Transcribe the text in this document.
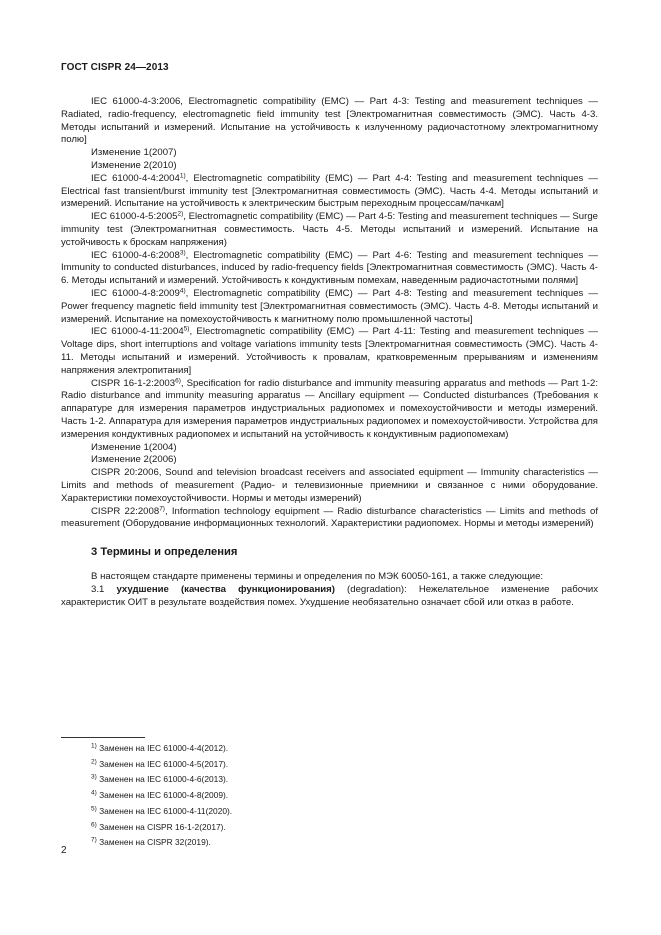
ГОСТ CISPR 24—2013

IEC 61000-4-3:2006, Electromagnetic compatibility (EMC) — Part 4-3: Testing and measurement techniques — Radiated, radio-frequency, electromagnetic field immunity test [Электромагнитная совместимость (ЭМС). Часть 4-3. Методы испытаний и измерений. Испытание на устойчивость к излученному радиочастотному электромагнитному полю]

Изменение 1(2007)

Изменение 2(2010)

IEC 61000-4-4:2004$^{1)}$, Electromagnetic compatibility (EMC) — Part 4-4: Testing and measurement techniques — Electrical fast transient/burst immunity test [Электромагнитная совместимость (ЭМС). Часть 4-4. Методы испытаний и измерений. Испытание на устойчивость к электрическим быстрым переходным процессам/пачкам]

IEC 61000-4-5:2005$^{2)}$, Electromagnetic compatibility (EMC) — Part 4-5: Testing and measurement techniques — Surge immunity test (Электромагнитная совместимость. Часть 4-5. Методы испытаний и измерений. Испытание на устойчивость к броскам напряжения)

IEC 61000-4-6:2008$^{3)}$, Electromagnetic compatibility (EMC) — Part 4-6: Testing and measurement techniques — Immunity to conducted disturbances, induced by radio-frequency fields [Электромагнитная совместимость (ЭМС). Часть 4-6. Методы испытаний и измерений. Устойчивость к кондуктивным помехам, наведенным радиочастотными полями]

IEC 61000-4-8:2009$^{4)}$, Electromagnetic compatibility (EMC) — Part 4-8: Testing and measurement techniques — Power frequency magnetic field immunity test [Электромагнитная совместимость (ЭМС). Часть 4-8. Методы испытаний и измерений. Испытание на помехоустойчивость к магнитному полю промышленной частоты]

IEC 61000-4-11:2004$^{5)}$, Electromagnetic compatibility (EMC) — Part 4-11: Testing and measurement techniques — Voltage dips, short interruptions and voltage variations immunity tests [Электромагнитная совместимость (ЭМС). Часть 4-11. Методы испытаний и измерений. Устойчивость к провалам, кратковременным прерываниям и изменениям напряжения электропитания]

CISPR 16-1-2:2003$^{6)}$, Specification for radio disturbance and immunity measuring apparatus and methods — Part 1-2: Radio disturbance and immunity measuring apparatus — Ancillary equipment — Conducted disturbances (Требования к аппаратуре для измерения параметров индустриальных радиопомех и помехоустойчивости и методы измерений. Часть 1-2. Аппаратура для измерения параметров индустриальных радиопомех и помехоустойчивости. Устройства для измерения кондуктивных радиопомех и испытаний на устойчивость к кондуктивным радиопомехам)

Изменение 1(2004)

Изменение 2(2006)

CISPR 20:2006, Sound and television broadcast receivers and associated equipment — Immunity characteristics — Limits and methods of measurement (Радио- и телевизионные приемники и связанное с ними оборудование. Характеристики помехоустойчивости. Нормы и методы измерений)

CISPR 22:2008$^{7)}$, Information technology equipment — Radio disturbance characteristics — Limits and methods of measurement (Оборудование информационных технологий. Характеристики радиопомех. Нормы и методы измерений)

3 Термины и определения

В настоящем стандарте применены термины и определения по МЭК 60050-161, а также следующие:

3.1 ухудшение (качества функционирования) (degradation): Нежелательное изменение рабочих характеристик ОИТ в результате воздействия помех. Ухудшение необязательно означает сбой или отказ в работе.

$^{1)}$ Заменен на IEC 61000-4-4(2012).
$^{2)}$ Заменен на IEC 61000-4-5(2017).
$^{3)}$ Заменен на IEC 61000-4-6(2013).
$^{4)}$ Заменен на IEC 61000-4-8(2009).
$^{5)}$ Заменен на IEC 61000-4-11(2020).
$^{6)}$ Заменен на CISPR 16-1-2(2017).
$^{7)}$ Заменен на CISPR 32(2019).
2
